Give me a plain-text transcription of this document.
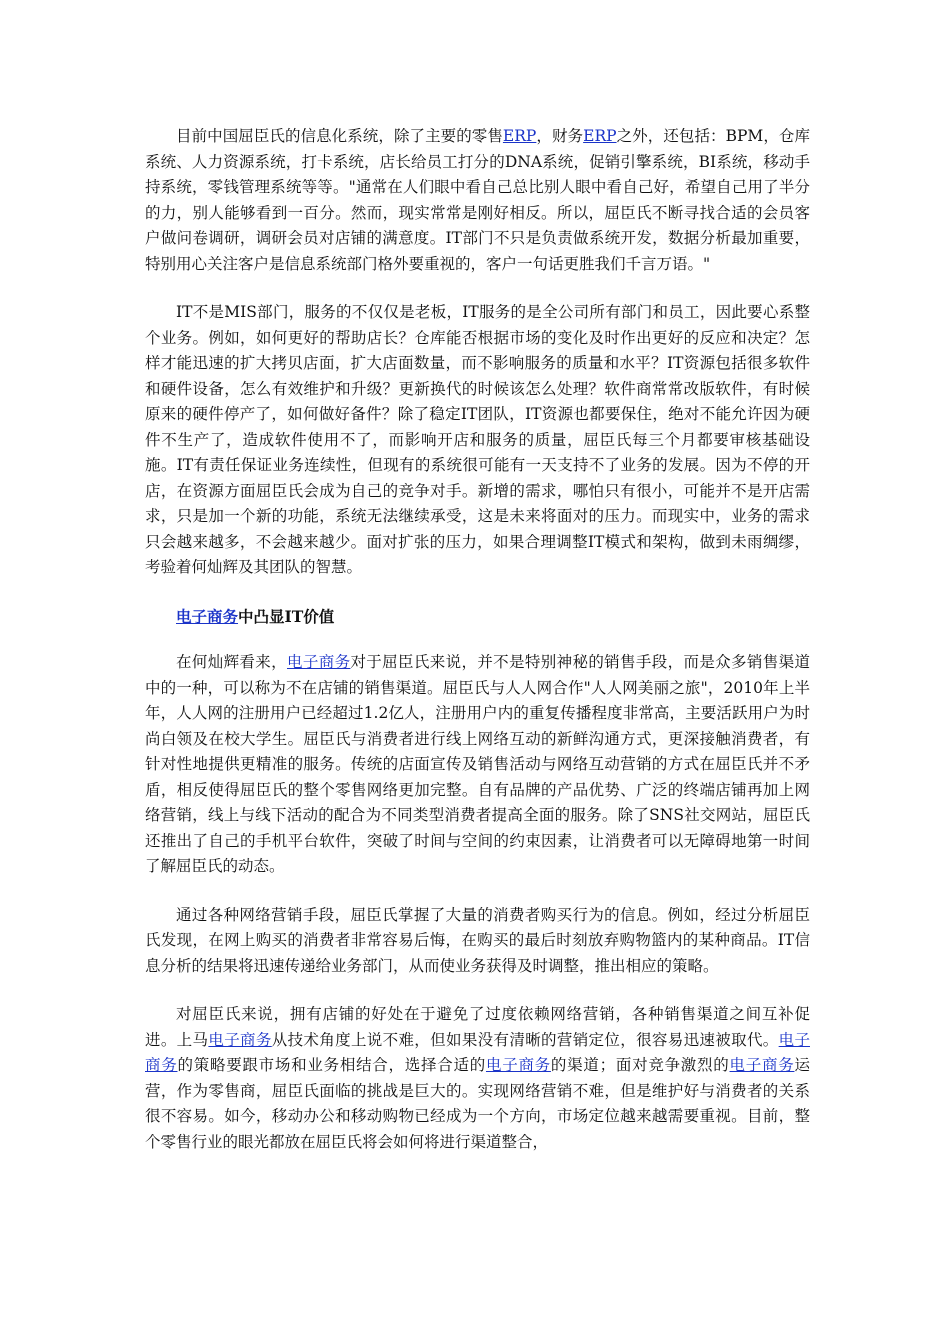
目前中国屈臣氏的信息化系统，除了主要的零售ERP，财务ERP之外，还包括：BPM，仓库系统、人力资源系统，打卡系统，店长给员工打分的DNA系统，促销引擎系统，BI系统，移动手持系统，零钱管理系统等等。"通常在人们眼中看自己总比别人眼中看自己好，希望自己用了半分的力，别人能够看到一百分。然而，现实常常是刚好相反。所以，屈臣氏不断寻找合适的会员客户做问卷调研，调研会员对店铺的满意度。IT部门不只是负责做系统开发，数据分析最加重要，特别用心关注客户是信息系统部门格外要重视的，客户一句话更胜我们千言万语。"

IT不是MIS部门，服务的不仅仅是老板，IT服务的是全公司所有部门和员工，因此要心系整个业务。例如，如何更好的帮助店长？仓库能否根据市场的变化及时作出更好的反应和决定？怎样才能迅速的扩大拷贝店面，扩大店面数量，而不影响服务的质量和水平？IT资源包括很多软件和硬件设备，怎么有效维护和升级？更新换代的时候该怎么处理？软件商常常改版软件，有时候原来的硬件停产了，如何做好备件？除了稳定IT团队，IT资源也都要保住，绝对不能允许因为硬件不生产了，造成软件使用不了，而影响开店和服务的质量，屈臣氏每三个月都要审核基础设施。IT有责任保证业务连续性，但现有的系统很可能有一天支持不了业务的发展。因为不停的开店，在资源方面屈臣氏会成为自己的竞争对手。新增的需求，哪怕只有很小，可能并不是开店需求，只是加一个新的功能，系统无法继续承受，这是未来将面对的压力。而现实中，业务的需求只会越来越多，不会越来越少。面对扩张的压力，如果合理调整IT模式和架构，做到未雨绸缪，考验着何灿辉及其团队的智慧。

电子商务中凸显IT价值

在何灿辉看来，电子商务对于屈臣氏来说，并不是特别神秘的销售手段，而是众多销售渠道中的一种，可以称为不在店铺的销售渠道。屈臣氏与人人网合作"人人网美丽之旅"，2010年上半年，人人网的注册用户已经超过1.2亿人，注册用户内的重复传播程度非常高，主要活跃用户为时尚白领及在校大学生。屈臣氏与消费者进行线上网络互动的新鲜沟通方式，更深接触消费者，有针对性地提供更精准的服务。传统的店面宣传及销售活动与网络互动营销的方式在屈臣氏并不矛盾，相反使得屈臣氏的整个零售网络更加完整。自有品牌的产品优势、广泛的终端店铺再加上网络营销，线上与线下活动的配合为不同类型消费者提高全面的服务。除了SNS社交网站，屈臣氏还推出了自己的手机平台软件，突破了时间与空间的约束因素，让消费者可以无障碍地第一时间了解屈臣氏的动态。

通过各种网络营销手段，屈臣氏掌握了大量的消费者购买行为的信息。例如，经过分析屈臣氏发现，在网上购买的消费者非常容易后悔，在购买的最后时刻放弃购物篮内的某种商品。IT信息分析的结果将迅速传递给业务部门，从而使业务获得及时调整，推出相应的策略。

对屈臣氏来说，拥有店铺的好处在于避免了过度依赖网络营销，各种销售渠道之间互补促进。上马电子商务从技术角度上说不难，但如果没有清晰的营销定位，很容易迅速被取代。电子商务的策略要跟市场和业务相结合，选择合适的电子商务的渠道；面对竞争激烈的电子商务运营，作为零售商，屈臣氏面临的挑战是巨大的。实现网络营销不难，但是维护好与消费者的关系很不容易。如今，移动办公和移动购物已经成为一个方向，市场定位越来越需要重视。目前，整个零售行业的眼光都放在屈臣氏将会如何将进行渠道整合，
